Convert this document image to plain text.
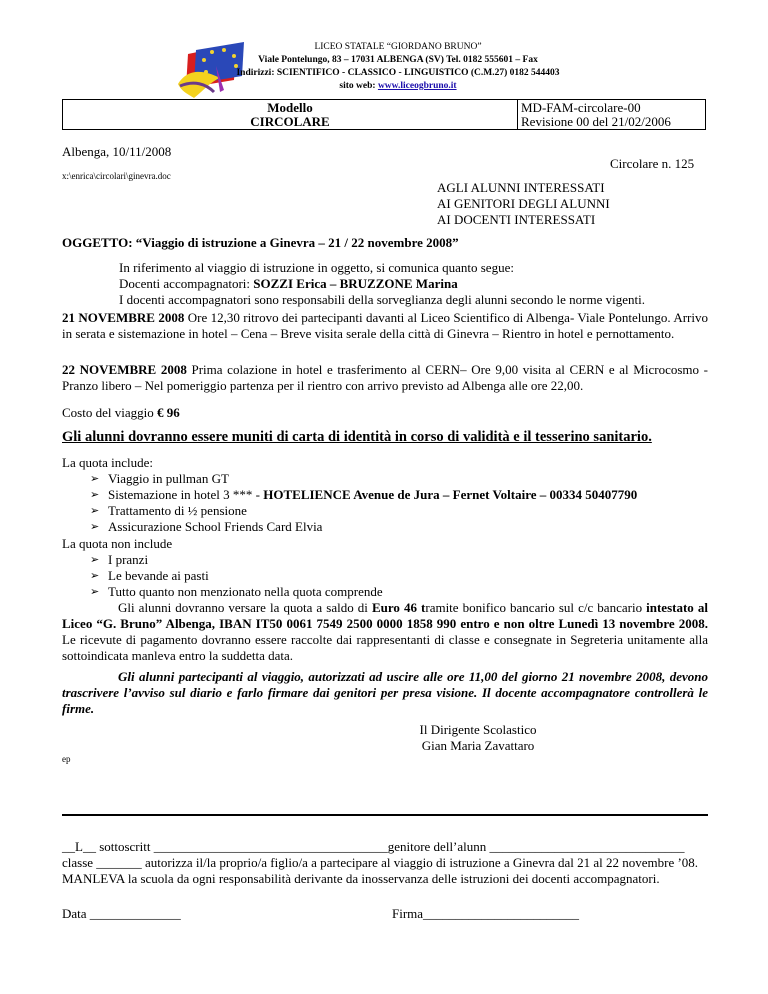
LICEO STATALE “GIORDANO BRUNO”
Viale Pontelungo, 83 – 17031 ALBENGA (SV) Tel. 0182 555601 – Fax
Indirizzi: SCIENTIFICO - CLASSICO - LINGUISTICO (C.M.27) 0182 544403
sito web: www.liceogbruno.it
Modello
CIRCOLARE
MD-FAM-circolare-00
Revisione 00 del 21/02/2006
Albenga, 10/11/2008
Circolare n. 125
x:\enrica\circolari\ginevra.doc
AGLI ALUNNI INTERESSATI
AI GENITORI DEGLI ALUNNI
AI DOCENTI INTERESSATI
OGGETTO: “Viaggio di istruzione a Ginevra – 21 / 22 novembre 2008”
In riferimento al viaggio di istruzione in oggetto, si comunica quanto segue:
Docenti accompagnatori: SOZZI Erica – BRUZZONE Marina
I docenti accompagnatori sono responsabili della sorveglianza degli alunni secondo le norme vigenti.

21 NOVEMBRE 2008 Ore 12,30 ritrovo dei partecipanti davanti al Liceo Scientifico di Albenga- Viale Pontelungo. Arrivo in serata e sistemazione in hotel – Cena – Breve visita serale della città di Ginevra – Rientro in hotel e pernottamento.

22 NOVEMBRE 2008 Prima colazione in hotel e trasferimento al CERN– Ore 9,00 visita al CERN e al Microcosmo - Pranzo libero – Nel pomeriggio partenza per il rientro con arrivo previsto ad Albenga alle ore 22,00.

Costo del viaggio € 96

Gli alunni dovranno essere muniti di carta di identità in corso di validità e il tesserino sanitario.

La quota include:
➢ Viaggio in pullman GT
➢ Sistemazione in hotel 3 *** - HOTELIENCE Avenue de Jura – Fernet Voltaire – 00334 50407790
➢ Trattamento di ½ pensione
➢ Assicurazione School Friends Card Elvia
La quota non include
➢ I pranzi
➢ Le bevande ai pasti
➢ Tutto quanto non menzionato nella quota comprende

Gli alunni dovranno versare la quota a saldo di Euro 46 tramite bonifico bancario sul c/c bancario intestato al Liceo “G. Bruno” Albenga, IBAN IT50 0061 7549 2500 0000 1858 990 entro e non oltre Lunedì 13 novembre 2008. Le ricevute di pagamento dovranno essere raccolte dai rappresentanti di classe e consegnate in Segreteria unitamente alla sottoindicata manleva entro la suddetta data.

Gli alunni partecipanti al viaggio, autorizzati ad uscire alle ore 11,00 del giorno 21 novembre 2008, devono trascrivere l’avviso sul diario e farlo firmare dai genitori per presa visione. Il docente accompagnatore controllerà le firme.

Il Dirigente Scolastico
Gian Maria Zavattaro
ep
__L__ sottoscritt ____________________________________genitore dell’alunn ______________________________
classe _______ autorizza il/la proprio/a figlio/a a partecipare al viaggio di istruzione a Ginevra dal 21 al 22 novembre ’08.
MANLEVA la scuola da ogni responsabilità derivante da inosservanza delle istruzioni dei docenti accompagnatori.
Data ______________	Firma________________________
